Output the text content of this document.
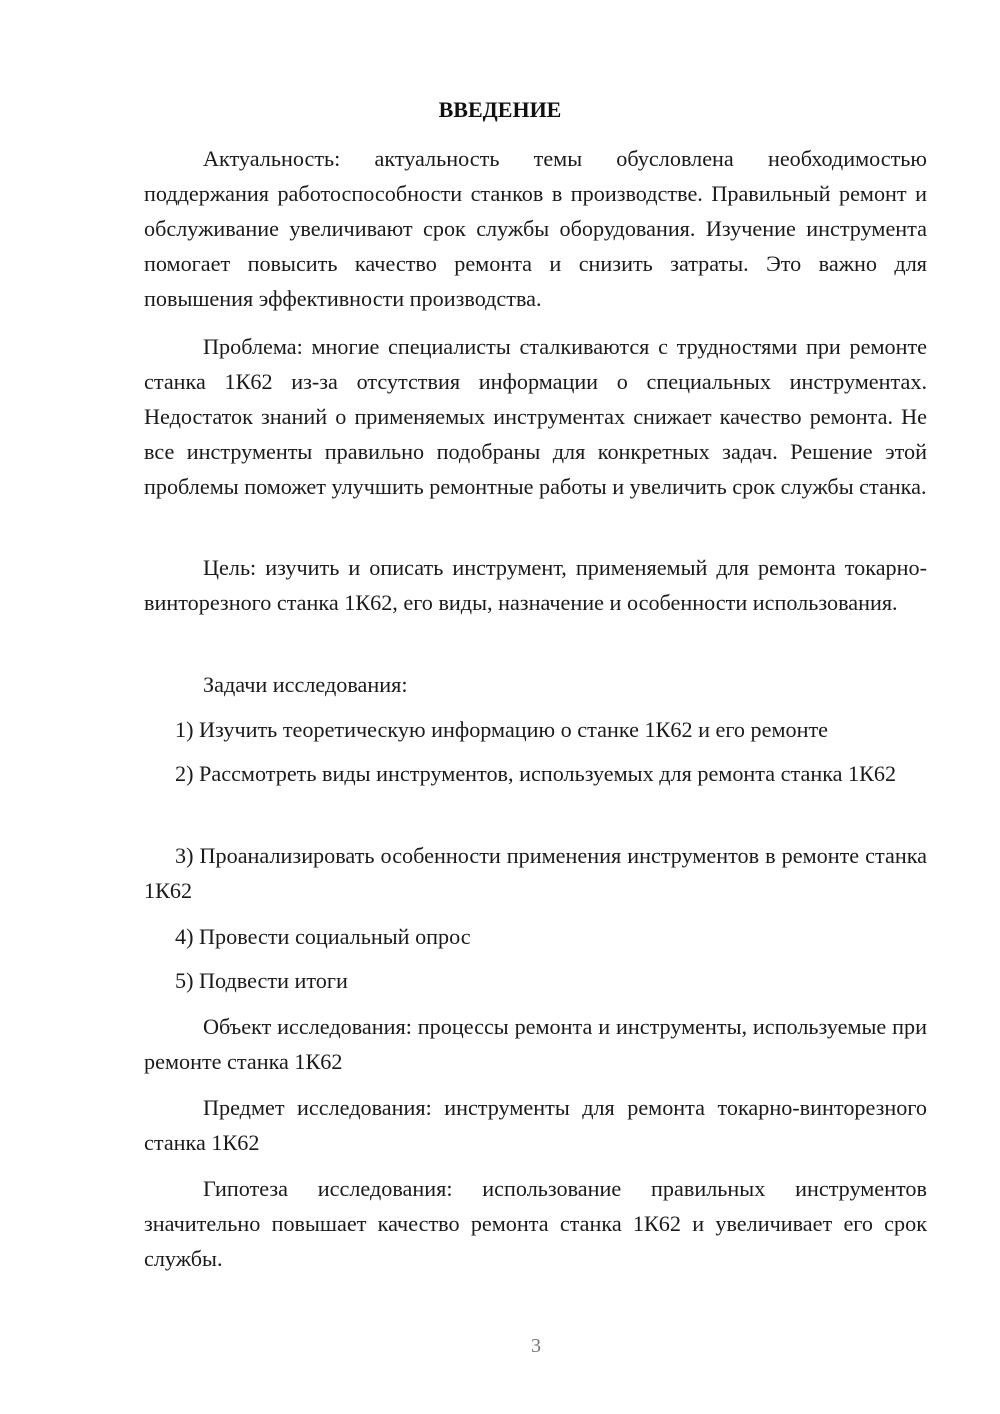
ВВЕДЕНИЕ

Актуальность: актуальность темы обусловлена необходимостью поддержания работоспособности станков в производстве. Правильный ремонт и обслуживание увеличивают срок службы оборудования. Изучение инструмента помогает повысить качество ремонта и снизить затраты. Это важно для повышения эффективности производства.

Проблема: многие специалисты сталкиваются с трудностями при ремонте станка 1К62 из-за отсутствия информации о специальных инструментах. Недостаток знаний о применяемых инструментах снижает качество ремонта. Не все инструменты правильно подобраны для конкретных задач. Решение этой проблемы поможет улучшить ремонтные работы и увеличить срок службы станка.

Цель: изучить и описать инструмент, применяемый для ремонта токарно-винторезного станка 1К62, его виды, назначение и особенности использования.

Задачи исследования:

1) Изучить теоретическую информацию о станке 1К62 и его ремонте

2) Рассмотреть виды инструментов, используемых для ремонта станка 1К62

3) Проанализировать особенности применения инструментов в ремонте станка 1К62

4) Провести социальный опрос

5) Подвести итоги

Объект исследования: процессы ремонта и инструменты, используемые при ремонте станка 1К62

Предмет исследования: инструменты для ремонта токарно-винторезного станка 1К62

Гипотеза исследования: использование правильных инструментов значительно повышает качество ремонта станка 1К62 и увеличивает его срок службы.

3
